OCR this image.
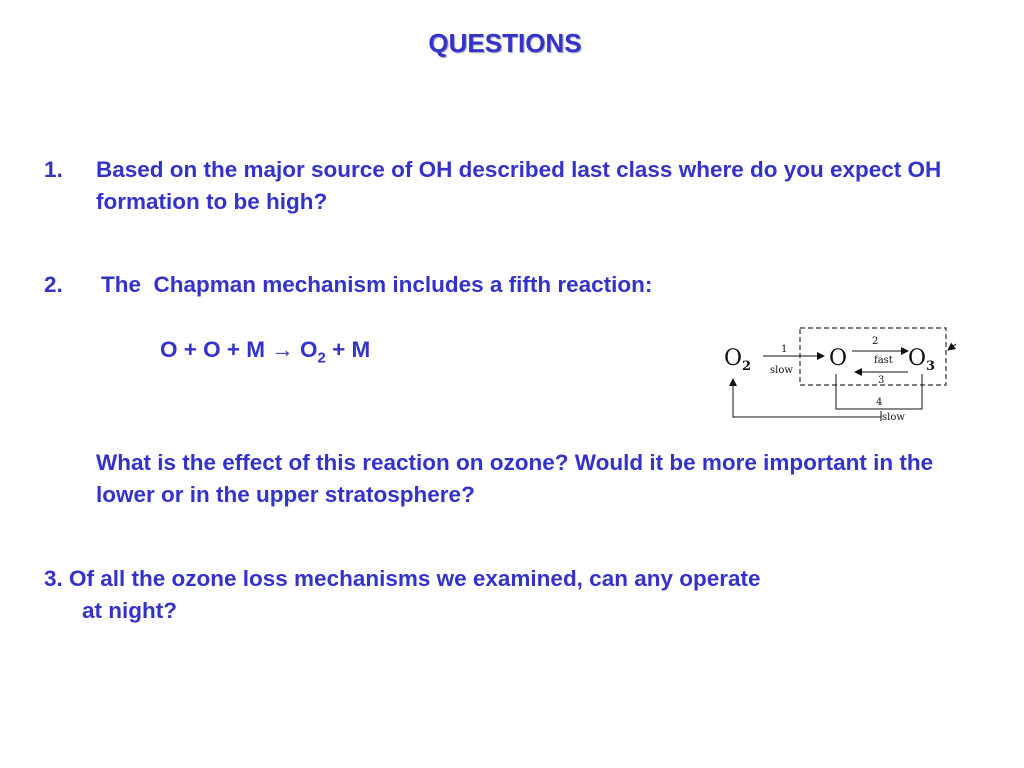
QUESTIONS
1. Based on the major source of OH described last class where do you expect OH formation to be high?
2. The  Chapman mechanism includes a fifth reaction:
$O + O + M \to O_2 + M$	$O_2$	O	$O_3$
1
slow
2
fast
3
4
slow
What is the effect of this reaction on ozone? Would it be more important in the lower or in the upper stratosphere?
3. Of all the ozone loss mechanisms we examined, can any operate
at night?
